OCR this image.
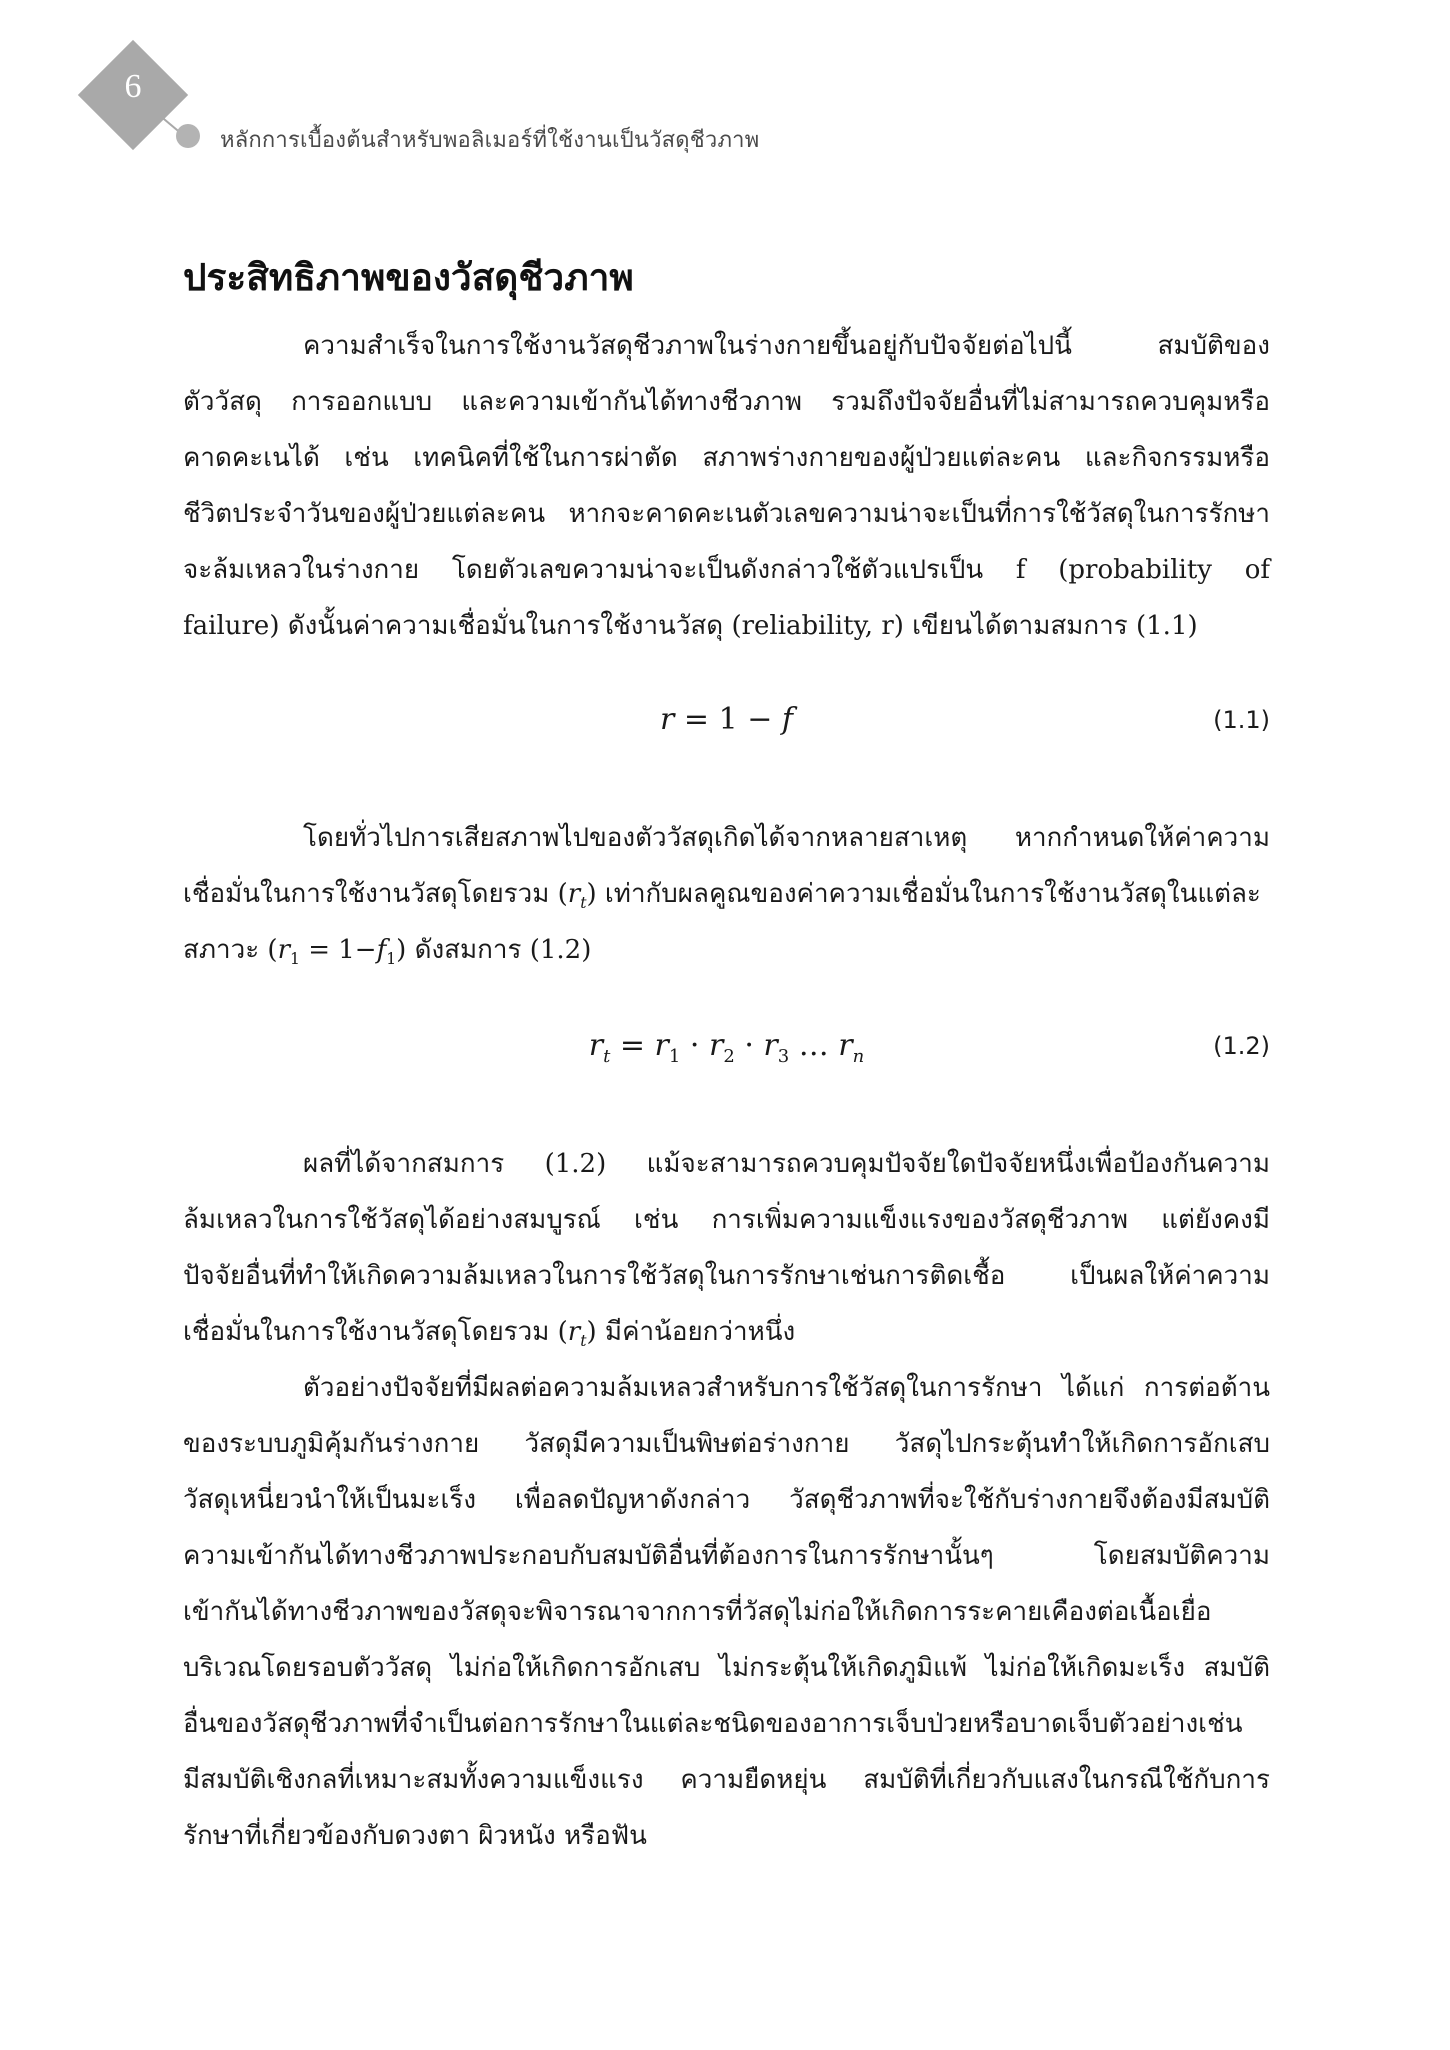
6
หลักการเบื้องต้นสำหรับพอลิเมอร์ที่ใช้งานเป็นวัสดุชีวภาพ
ประสิทธิภาพของวัสดุชีวภาพ
ความสำเร็จในการใช้งานวัสดุชีวภาพในร่างกายขึ้นอยู่กับปัจจัยต่อไปนี้ สมบัติของ
ตัววัสดุ การออกแบบ และความเข้ากันได้ทางชีวภาพ รวมถึงปัจจัยอื่นที่ไม่สามารถควบคุมหรือ
คาดคะเนได้ เช่น เทคนิคที่ใช้ในการผ่าตัด สภาพร่างกายของผู้ป่วยแต่ละคน และกิจกรรมหรือ
ชีวิตประจำวันของผู้ป่วยแต่ละคน หากจะคาดคะเนตัวเลขความน่าจะเป็นที่การใช้วัสดุในการรักษา
จะล้มเหลวในร่างกาย โดยตัวเลขความน่าจะเป็นดังกล่าวใช้ตัวแปรเป็น f (probability of
failure) ดังนั้นค่าความเชื่อมั่นในการใช้งานวัสดุ (reliability, r) เขียนได้ตามสมการ (1.1)
r = 1 − f	(1.1)
โดยทั่วไปการเสียสภาพไปของตัววัสดุเกิดได้จากหลายสาเหตุ หากกำหนดให้ค่าความ
เชื่อมั่นในการใช้งานวัสดุโดยรวม $(r_t)$ เท่ากับผลคูณของค่าความเชื่อมั่นในการใช้งานวัสดุในแต่ละ
สภาวะ $(r_1 = 1-f_1)$ ดังสมการ (1.2)
$r_t = r_1 \cdot r_2 \cdot r_3$ … $r_n$	(1.2)
ผลที่ได้จากสมการ (1.2) แม้จะสามารถควบคุมปัจจัยใดปัจจัยหนึ่งเพื่อป้องกันความ
ล้มเหลวในการใช้วัสดุได้อย่างสมบูรณ์ เช่น การเพิ่มความแข็งแรงของวัสดุชีวภาพ แต่ยังคงมี
ปัจจัยอื่นที่ทำให้เกิดความล้มเหลวในการใช้วัสดุในการรักษาเช่นการติดเชื้อ เป็นผลให้ค่าความ
เชื่อมั่นในการใช้งานวัสดุโดยรวม $(r_t)$ มีค่าน้อยกว่าหนึ่ง
ตัวอย่างปัจจัยที่มีผลต่อความล้มเหลวสำหรับการใช้วัสดุในการรักษา ได้แก่ การต่อต้าน
ของระบบภูมิคุ้มกันร่างกาย วัสดุมีความเป็นพิษต่อร่างกาย วัสดุไปกระตุ้นทำให้เกิดการอักเสบ
วัสดุเหนี่ยวนำให้เป็นมะเร็ง เพื่อลดปัญหาดังกล่าว วัสดุชีวภาพที่จะใช้กับร่างกายจึงต้องมีสมบัติ
ความเข้ากันได้ทางชีวภาพประกอบกับสมบัติอื่นที่ต้องการในการรักษานั้นๆ โดยสมบัติความ
เข้ากันได้ทางชีวภาพของวัสดุจะพิจารณาจากการที่วัสดุไม่ก่อให้เกิดการระคายเคืองต่อเนื้อเยื่อ
บริเวณโดยรอบตัววัสดุ ไม่ก่อให้เกิดการอักเสบ ไม่กระตุ้นให้เกิดภูมิแพ้ ไม่ก่อให้เกิดมะเร็ง สมบัติ
อื่นของวัสดุชีวภาพที่จำเป็นต่อการรักษาในแต่ละชนิดของอาการเจ็บป่วยหรือบาดเจ็บตัวอย่างเช่น
มีสมบัติเชิงกลที่เหมาะสมทั้งความแข็งแรง ความยืดหยุ่น สมบัติที่เกี่ยวกับแสงในกรณีใช้กับการ
รักษาที่เกี่ยวข้องกับดวงตา ผิวหนัง หรือฟัน
